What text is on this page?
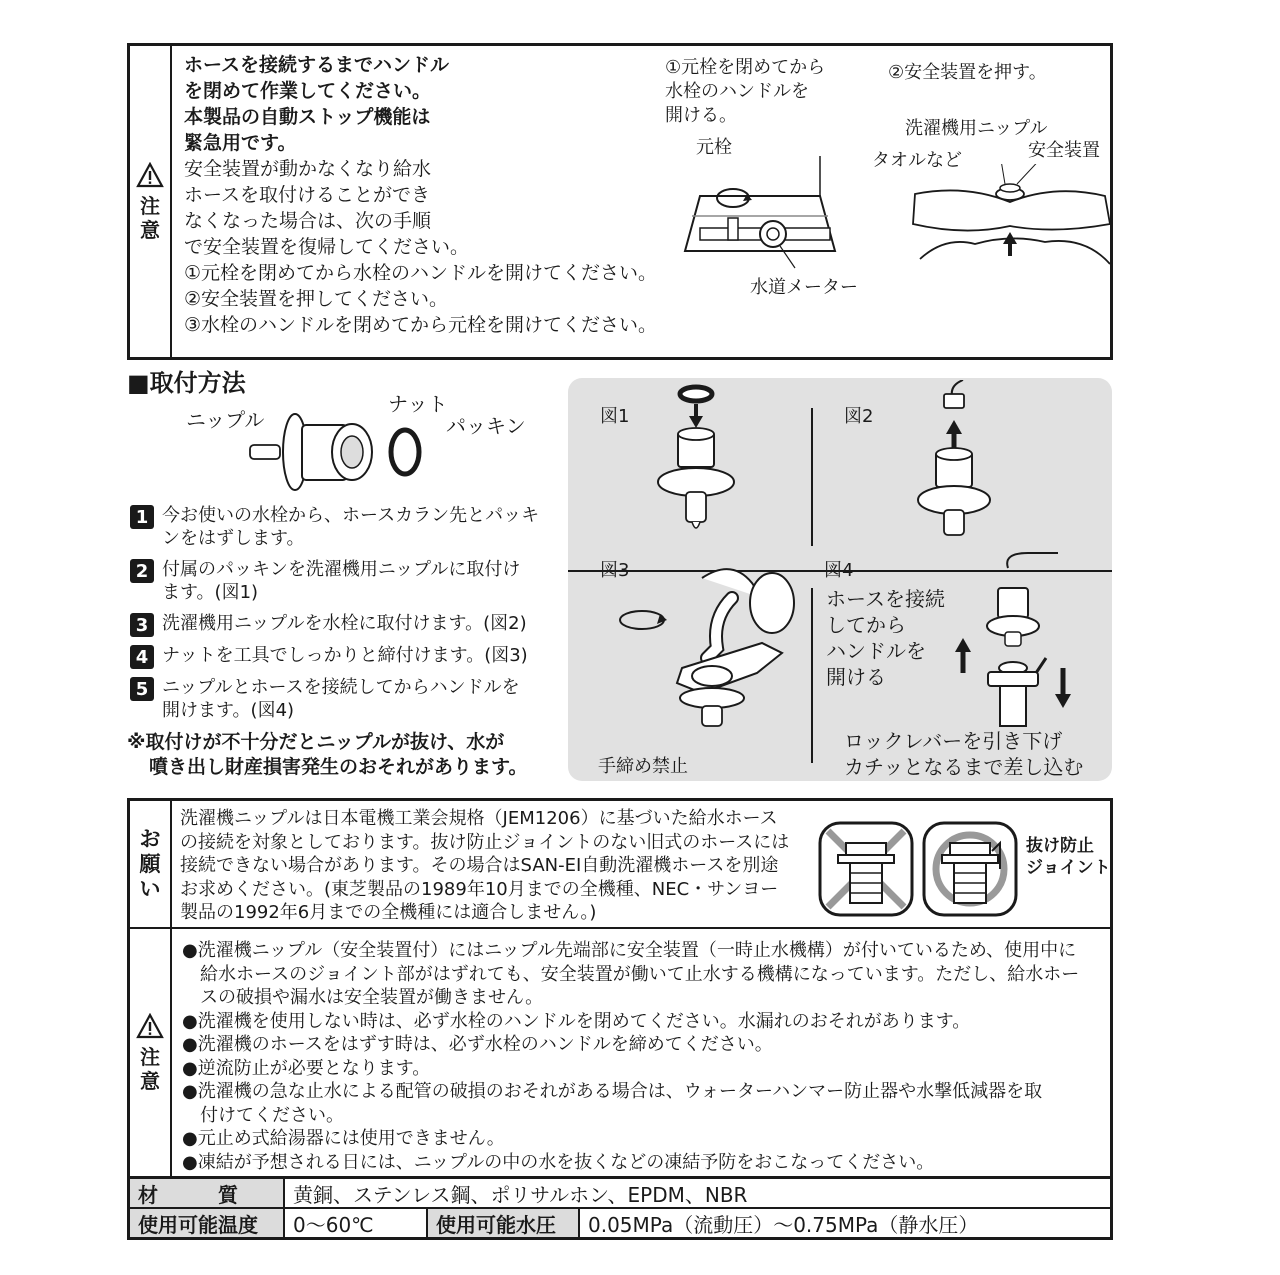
注
意
ホースを接続するまでハンドル
を閉めて作業してください。
本製品の自動ストップ機能は
緊急用です。
安全装置が動かなくなり給水
ホースを取付けることができ
なくなった場合は、次の手順
で安全装置を復帰してください。
①元栓を閉めてから水栓のハンドルを開けてください。
②安全装置を押してください。
③水栓のハンドルを閉めてから元栓を開けてください。
①元栓を閉めてから
水栓のハンドルを
開ける。
元栓
水道メーター
②安全装置を押す。
洗濯機用ニップル
タオルなど	安全装置
■取付方法
ニップル
ナット
パッキン
1 今お使いの水栓から、ホースカラン先とパッキ
ンをはずします。
2 付属のパッキンを洗濯機用ニップルに取付け
ます。(図1)
3 洗濯機用ニップルを水栓に取付けます。(図2)
4 ナットを工具でしっかりと締付けます。(図3)
5 ニップルとホースを接続してからハンドルを
開けます。(図4)
※取付けが不十分だとニップルが抜け、水が
噴き出し財産損害発生のおそれがあります。
図1	図2
図3
手締め禁止
図4
ホースを接続
してから
ハンドルを
開ける
ロックレバーを引き下げ
カチッとなるまで差し込む
お
願
い
洗濯機ニップルは日本電機工業会規格（JEM1206）に基づいた給水ホース
の接続を対象としております。抜け防止ジョイントのない旧式のホースには
接続できない場合があります。その場合はSAN-EI自動洗濯機ホースを別途
お求めください。(東芝製品の1989年10月までの全機種、NEC・サンヨー
製品の1992年6月までの全機種には適合しません。)
抜け防止
ジョイント
注
意
●洗濯機ニップル（安全装置付）にはニップル先端部に安全装置（一時止水機構）が付いているため、使用中に
給水ホースのジョイント部がはずれても、安全装置が働いて止水する機構になっています。ただし、給水ホー
スの破損や漏水は安全装置が働きません。
●洗濯機を使用しない時は、必ず水栓のハンドルを閉めてください。水漏れのおそれがあります。
●洗濯機のホースをはずす時は、必ず水栓のハンドルを締めてください。
●逆流防止が必要となります。
●洗濯機の急な止水による配管の破損のおそれがある場合は、ウォーターハンマー防止器や水撃低減器を取
付けてください。
●元止め式給湯器には使用できません。
●凍結が予想される日には、ニップルの中の水を抜くなどの凍結予防をおこなってください。
材　　　質	黄銅、ステンレス鋼、ポリサルホン、EPDM、NBR
使用可能温度	0～60℃	使用可能水圧	0.05MPa（流動圧）～0.75MPa（静水圧）
